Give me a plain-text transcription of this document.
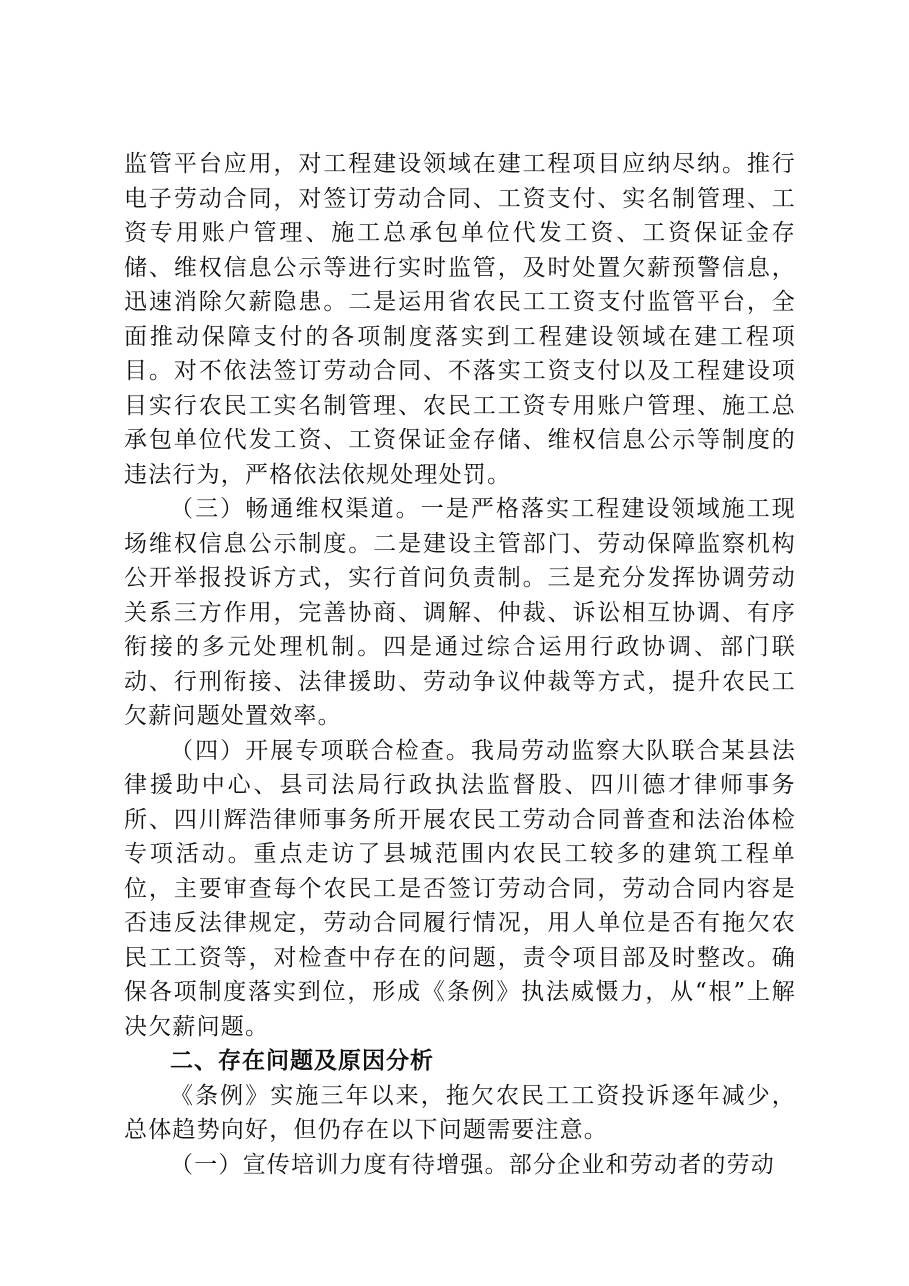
监管平台应用，对工程建设领域在建工程项目应纳尽纳。推行电子劳动合同，对签订劳动合同、工资支付、实名制管理、工资专用账户管理、施工总承包单位代发工资、工资保证金存储、维权信息公示等进行实时监管，及时处置欠薪预警信息，迅速消除欠薪隐患。二是运用省农民工工资支付监管平台，全面推动保障支付的各项制度落实到工程建设领域在建工程项目。对不依法签订劳动合同、不落实工资支付以及工程建设项目实行农民工实名制管理、农民工工资专用账户管理、施工总承包单位代发工资、工资保证金存储、维权信息公示等制度的违法行为，严格依法依规处理处罚。

（三）畅通维权渠道。一是严格落实工程建设领域施工现场维权信息公示制度。二是建设主管部门、劳动保障监察机构公开举报投诉方式，实行首问负责制。三是充分发挥协调劳动关系三方作用，完善协商、调解、仲裁、诉讼相互协调、有序衔接的多元处理机制。四是通过综合运用行政协调、部门联动、行刑衔接、法律援助、劳动争议仲裁等方式，提升农民工欠薪问题处置效率。

（四）开展专项联合检查。我局劳动监察大队联合某县法律援助中心、县司法局行政执法监督股、四川德才律师事务所、四川辉浩律师事务所开展农民工劳动合同普查和法治体检专项活动。重点走访了县城范围内农民工较多的建筑工程单位，主要审查每个农民工是否签订劳动合同，劳动合同内容是否违反法律规定，劳动合同履行情况，用人单位是否有拖欠农民工工资等，对检查中存在的问题，责令项目部及时整改。确保各项制度落实到位，形成《条例》执法威慑力，从“根”上解决欠薪问题。

二、存在问题及原因分析

《条例》实施三年以来，拖欠农民工工资投诉逐年减少，总体趋势向好，但仍存在以下问题需要注意。

（一）宣传培训力度有待增强。部分企业和劳动者的劳动
